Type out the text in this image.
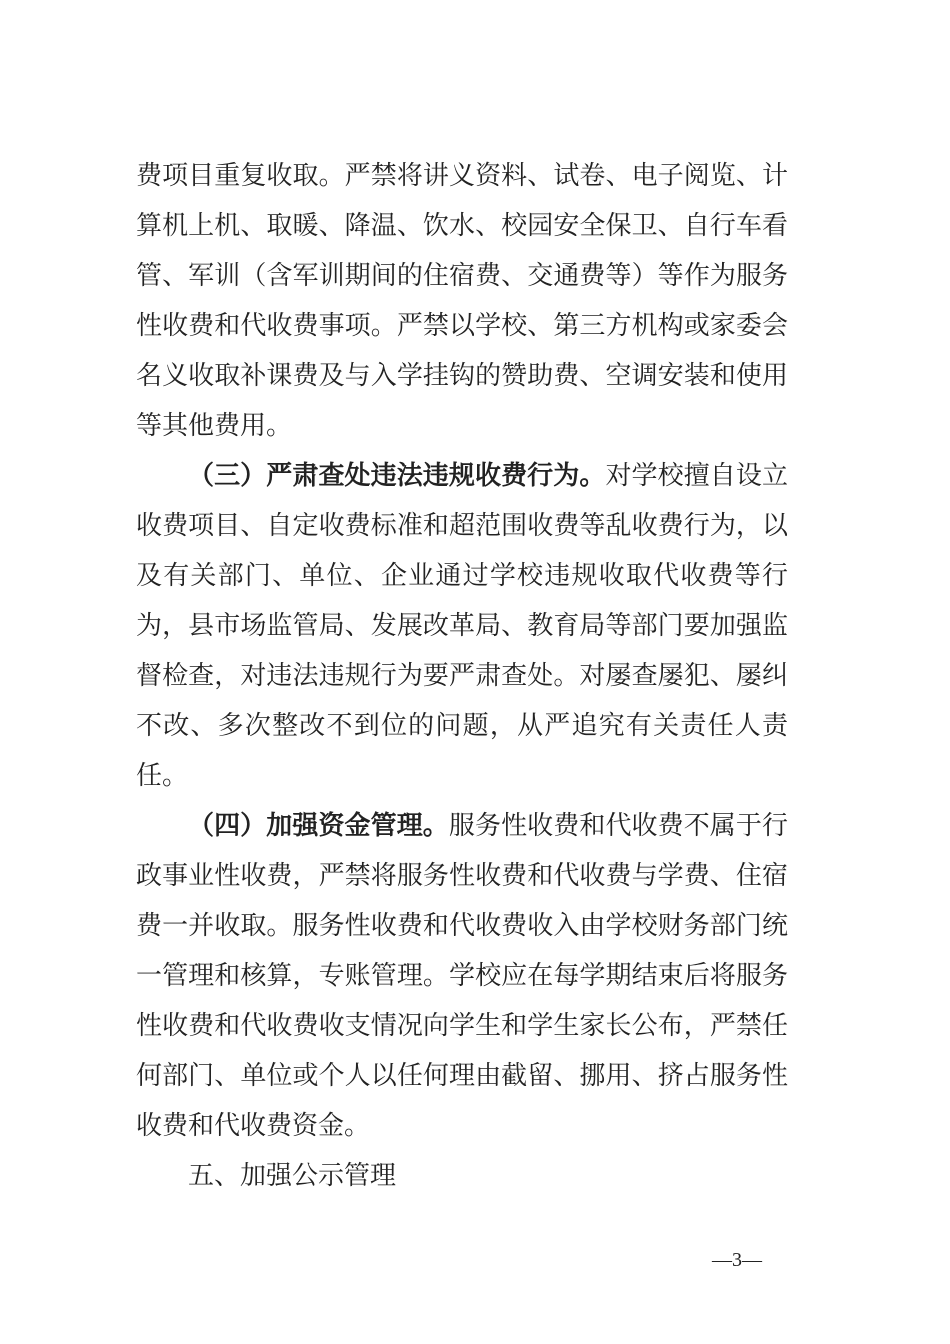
费项目重复收取。严禁将讲义资料、试卷、电子阅览、计算机上机、取暖、降温、饮水、校园安全保卫、自行车看管、军训（含军训期间的住宿费、交通费等）等作为服务性收费和代收费事项。严禁以学校、第三方机构或家委会名义收取补课费及与入学挂钩的赞助费、空调安装和使用等其他费用。

（三）严肃查处违法违规收费行为。对学校擅自设立收费项目、自定收费标准和超范围收费等乱收费行为，以及有关部门、单位、企业通过学校违规收取代收费等行为，县市场监管局、发展改革局、教育局等部门要加强监督检查，对违法违规行为要严肃查处。对屡查屡犯、屡纠不改、多次整改不到位的问题，从严追究有关责任人责任。

（四）加强资金管理。服务性收费和代收费不属于行政事业性收费，严禁将服务性收费和代收费与学费、住宿费一并收取。服务性收费和代收费收入由学校财务部门统一管理和核算，专账管理。学校应在每学期结束后将服务性收费和代收费收支情况向学生和学生家长公布，严禁任何部门、单位或个人以任何理由截留、挪用、挤占服务性收费和代收费资金。

五、加强公示管理

—3—
